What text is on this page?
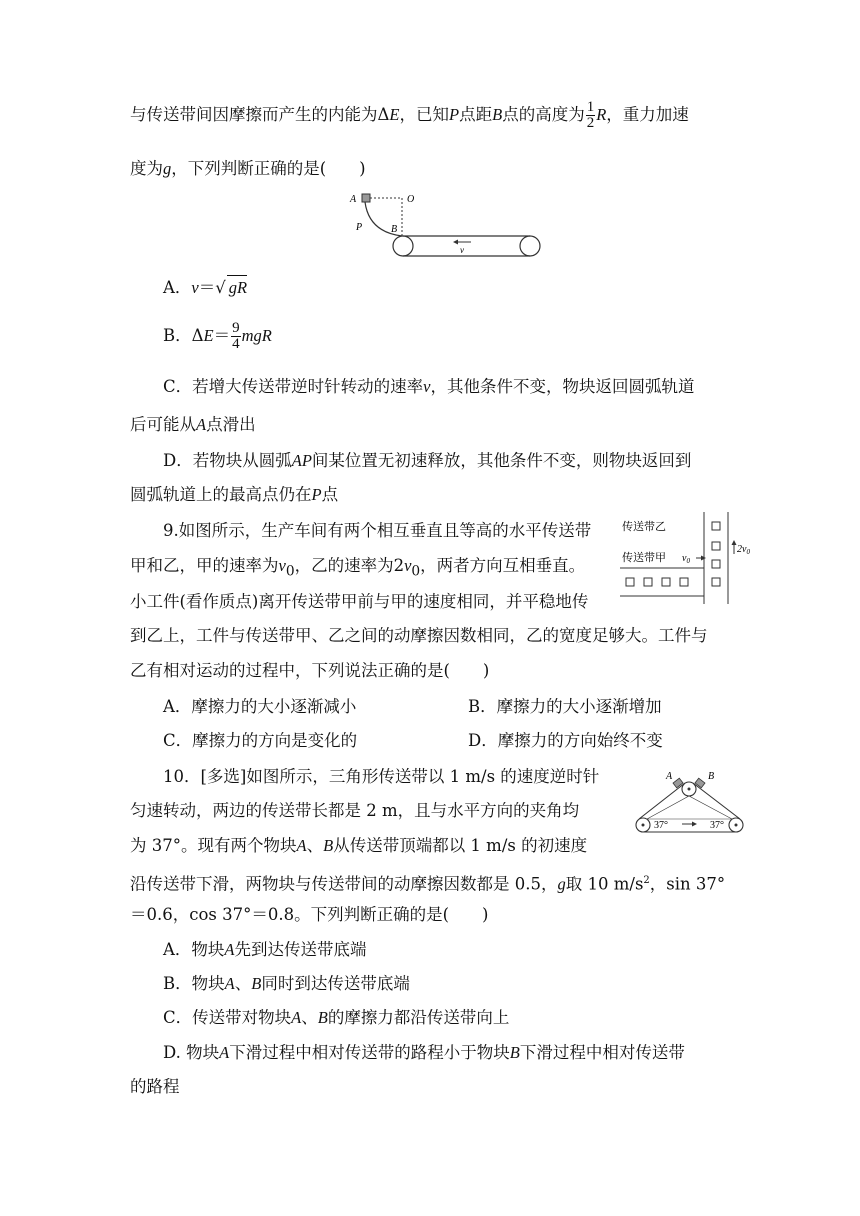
与传送带间因摩擦而产生的内能为ΔE，已知P点距B点的高度为 $\frac{1}{2}$ R，重力加速
度为g，下列判断正确的是(　　)
A	O
P	B
v
A．v＝√ gR
B．$\Delta E= \frac{9}{4}$ mgR
C．若增大传送带逆时针转动的速率v，其他条件不变，物块返回圆弧轨道
后可能从A点滑出
D．若物块从圆弧AP间某位置无初速释放，其他条件不变，则物块返回到
圆弧轨道上的最高点仍在P点
9.如图所示，生产车间有两个相互垂直且等高的水平传送带
甲和乙，甲的速率为$v_0$，乙的速率为$2v_0$，两者方向互相垂直。
小工件(看作质点)离开传送带甲前与甲的速度相同，并平稳地传
到乙上，工件与传送带甲、乙之间的动摩擦因数相同，乙的宽度足够大。工件与
乙有相对运动的过程中，下列说法正确的是(　　)
A．摩擦力的大小逐渐减小	B．摩擦力的大小逐渐增加
C．摩擦力的方向是变化的	D．摩擦力的方向始终不变
传送带乙
传送带甲 $v_0$
$2v_0$
10．[多选]如图所示，三角形传送带以 1 m/s 的速度逆时针
匀速转动，两边的传送带长都是 2 m，且与水平方向的夹角均
为 37°。现有两个物块A、B从传送带顶端都以 1 m/s 的初速度
沿传送带下滑，两物块与传送带间的动摩擦因数都是 0.5，g取 10 $m/s^2$，sin 37°
＝0.6，cos 37°＝0.8。下列判断正确的是(　　)
A．物块A先到达传送带底端
B．物块A、B同时到达传送带底端
C．传送带对物块A、B的摩擦力都沿传送带向上
D. 物块A下滑过程中相对传送带的路程小于物块B下滑过程中相对传送带
的路程
A	B
37°	37°
